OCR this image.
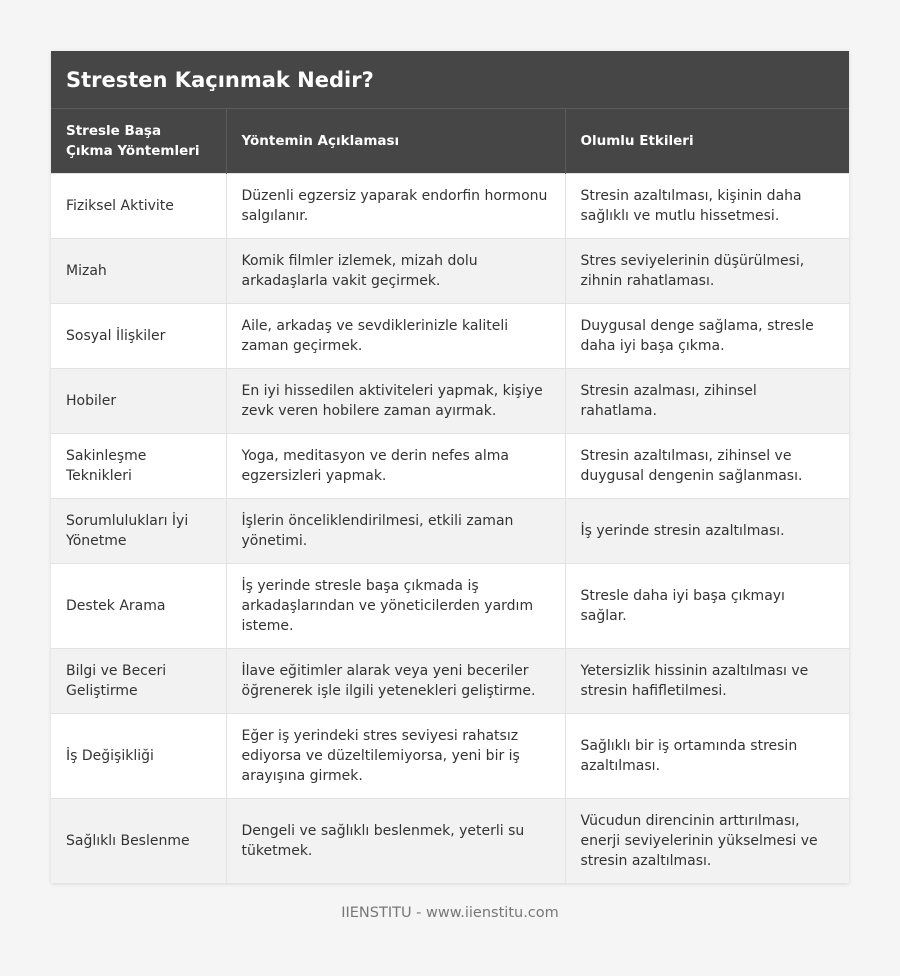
Stresten Kaçınmak Nedir?
Stresle Başa Çıkma Yöntemleri	Yöntemin Açıklaması	Olumlu Etkileri
Fiziksel Aktivite	Düzenli egzersiz yaparak endorfin hormonu salgılanır.	Stresin azaltılması, kişinin daha sağlıklı ve mutlu hissetmesi.
Mizah	Komik filmler izlemek, mizah dolu arkadaşlarla vakit geçirmek.	Stres seviyelerinin düşürülmesi, zihnin rahatlaması.
Sosyal İlişkiler	Aile, arkadaş ve sevdiklerinizle kaliteli zaman geçirmek.	Duygusal denge sağlama, stresle daha iyi başa çıkma.
Hobiler	En iyi hissedilen aktiviteleri yapmak, kişiye zevk veren hobilere zaman ayırmak.	Stresin azalması, zihinsel rahatlama.
Sakinleşme Teknikleri	Yoga, meditasyon ve derin nefes alma egzersizleri yapmak.	Stresin azaltılması, zihinsel ve duygusal dengenin sağlanması.
Sorumlulukları İyi Yönetme	İşlerin önceliklendirilmesi, etkili zaman yönetimi.	İş yerinde stresin azaltılması.
Destek Arama	İş yerinde stresle başa çıkmada iş arkadaşlarından ve yöneticilerden yardım isteme.	Stresle daha iyi başa çıkmayı sağlar.
Bilgi ve Beceri Geliştirme	İlave eğitimler alarak veya yeni beceriler öğrenerek işle ilgili yetenekleri geliştirme.	Yetersizlik hissinin azaltılması ve stresin hafifletilmesi.
İş Değişikliği	Eğer iş yerindeki stres seviyesi rahatsız ediyorsa ve düzeltilemiyorsa, yeni bir iş arayışına girmek.	Sağlıklı bir iş ortamında stresin azaltılması.
Sağlıklı Beslenme	Dengeli ve sağlıklı beslenmek, yeterli su tüketmek.	Vücudun direncinin arttırılması, enerji seviyelerinin yükselmesi ve stresin azaltılması.
IIENSTITU - www.iienstitu.com
